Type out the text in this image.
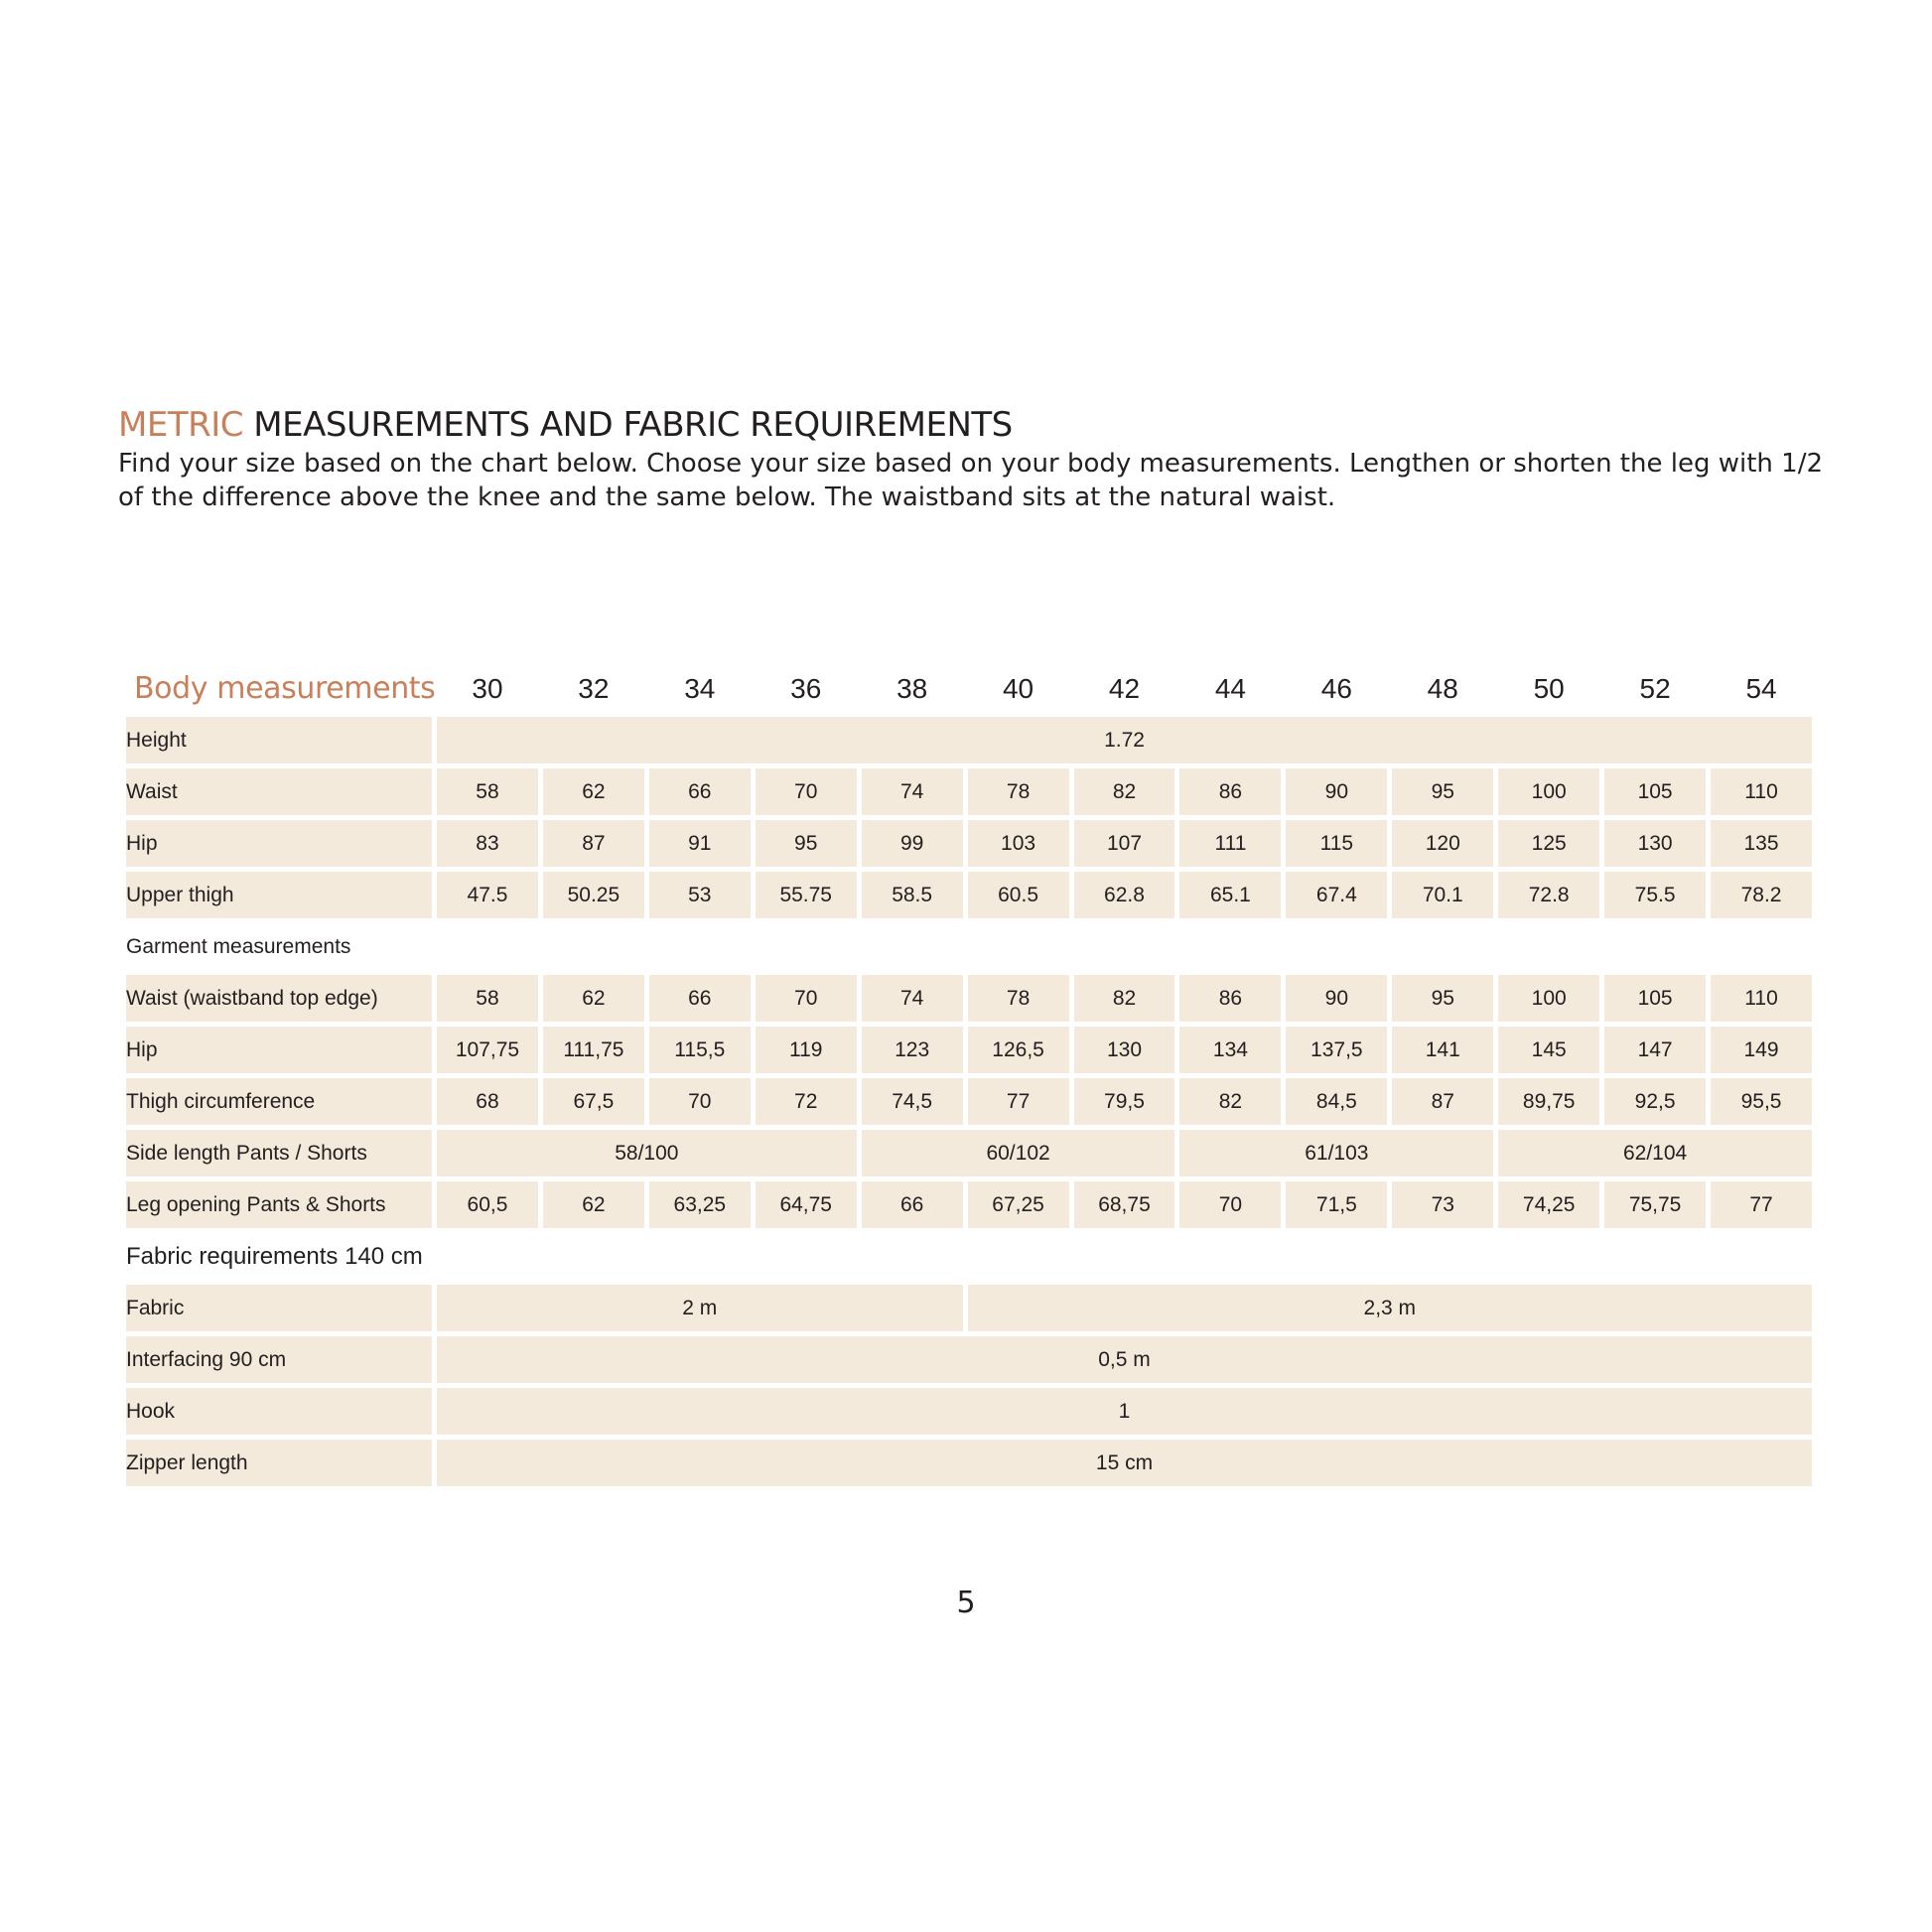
METRIC MEASUREMENTS AND FABRIC REQUIREMENTS
Find your size based on the chart below. Choose your size based on your body measurements. Lengthen or shorten the leg with 1/2 of the difference above the knee and the same below. The waistband sits at the natural waist.
Body measurements	30	32	34	36	38	40	42	44	46	48	50	52	54
Height	1.72												
Waist	58	62	66	70	74	78	82	86	90	95	100	105	110
Hip	83	87	91	95	99	103	107	111	115	120	125	130	135
Upper thigh	47.5	50.25	53	55.75	58.5	60.5	62.8	65.1	67.4	70.1	72.8	75.5	78.2
Garment measurements													
Waist (waistband top edge)	58	62	66	70	74	78	82	86	90	95	100	105	110
Hip	107,75	111,75	115,5	119	123	126,5	130	134	137,5	141	145	147	149
Thigh circumference	68	67,5	70	72	74,5	77	79,5	82	84,5	87	89,75	92,5	95,5
Side length Pants / Shorts	58/100				60/102			61/103			62/104		
Leg opening Pants & Shorts	60,5	62	63,25	64,75	66	67,25	68,75	70	71,5	73	74,25	75,75	77
Fabric requirements 140 cm													
Fabric	2 m					2,3 m							
Interfacing 90 cm	0,5 m												
Hook	1												
Zipper length	15 cm												
5
